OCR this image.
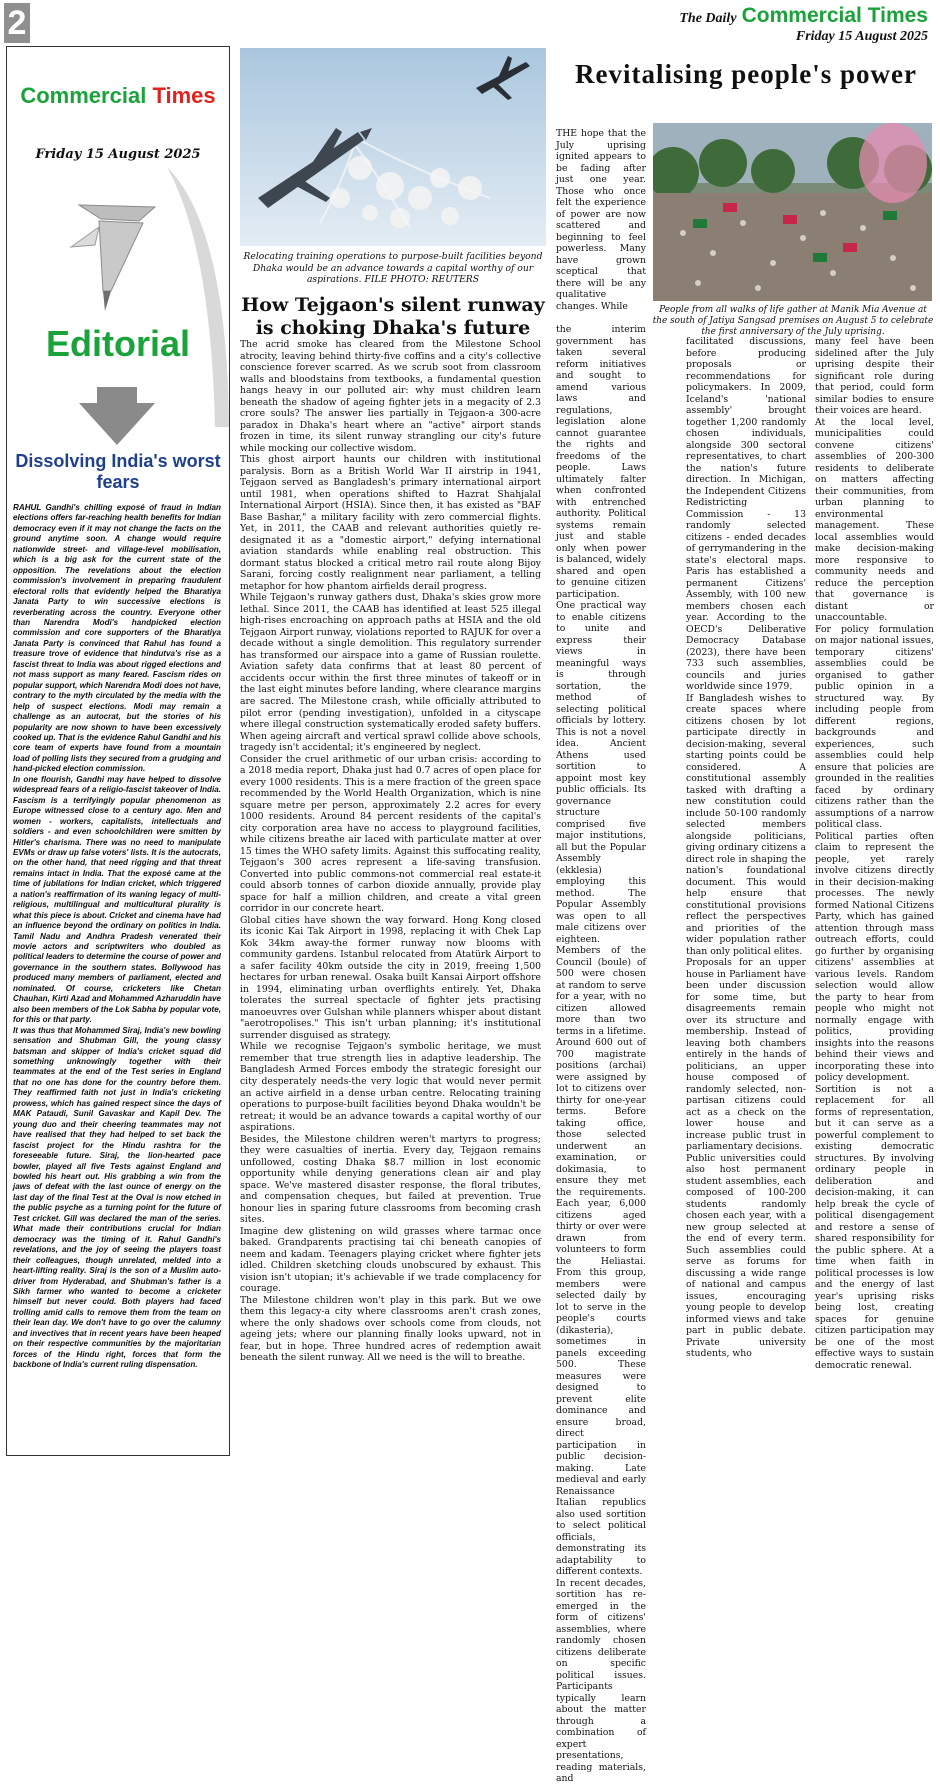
2	The Daily Commercial Times
Friday 15 August 2025
Commercial Times
Friday 15 August 2025
Editorial
Dissolving India's worst fears

RAHUL Gandhi's chilling exposé of fraud in Indian elections offers far-reaching health benefits for Indian democracy even if it may not change the facts on the ground anytime soon. A change would require nationwide street- and village-level mobilisation, which is a big ask for the current state of the opposition. The revelations about the election commission's involvement in preparing fraudulent electoral rolls that evidently helped the Bharatiya Janata Party to win successive elections is reverberating across the country. Everyone other than Narendra Modi's handpicked election commission and core supporters of the Bharatiya Janata Party is convinced that Rahul has found a treasure trove of evidence that hindutva's rise as a fascist threat to India was about rigged elections and not mass support as many feared. Fascism rides on popular support, which Narendra Modi does not have, contrary to the myth circulated by the media with the help of suspect elections. Modi may remain a challenge as an autocrat, but the stories of his popularity are now shown to have been excessively cooked up. That is the evidence Rahul Gandhi and his core team of experts have found from a mountain load of polling lists they secured from a grudging and hand-picked election commission.

In one flourish, Gandhi may have helped to dissolve widespread fears of a religio-fascist takeover of India. Fascism is a terrifyingly popular phenomenon as Europe witnessed close to a century ago. Men and women - workers, capitalists, intellectuals and soldiers - and even schoolchildren were smitten by Hitler's charisma. There was no need to manipulate EVMs or draw up false voters' lists. It is the autocrats, on the other hand, that need rigging and that threat remains intact in India. That the exposé came at the time of jubilations for Indian cricket, which triggered a nation's reaffirmation of its waning legacy of multi-religious, multilingual and multicultural plurality is what this piece is about. Cricket and cinema have had an influence beyond the ordinary on politics in India. Tamil Nadu and Andhra Pradesh venerated their movie actors and scriptwriters who doubled as political leaders to determine the course of power and governance in the southern states. Bollywood has produced many members of parliament, elected and nominated. Of course, cricketers like Chetan Chauhan, Kirti Azad and Mohammed Azharuddin have also been members of the Lok Sabha by popular vote, for this or that party.

It was thus that Mohammed Siraj, India's new bowling sensation and Shubman Gill, the young classy batsman and skipper of India's cricket squad did something unknowingly together with their teammates at the end of the Test series in England that no one has done for the country before them. They reaffirmed faith not just in India's cricketing prowess, which has gained respect since the days of MAK Pataudi, Sunil Gavaskar and Kapil Dev. The young duo and their cheering teammates may not have realised that they had helped to set back the fascist project for the Hindu rashtra for the foreseeable future. Siraj, the lion-hearted pace bowler, played all five Tests against England and bowled his heart out. His grabbing a win from the jaws of defeat with the last ounce of energy on the last day of the final Test at the Oval is now etched in the public psyche as a turning point for the future of Test cricket. Gill was declared the man of the series. What made their contributions crucial for Indian democracy was the timing of it. Rahul Gandhi's revelations, and the joy of seeing the players toast their colleagues, though unrelated, melded into a heart-lifting reality. Siraj is the son of a Muslim auto-driver from Hyderabad, and Shubman's father is a Sikh farmer who wanted to become a cricketer himself but never could. Both players had faced trolling amid calls to remove them from the team on their lean day. We don't have to go over the calumny and invectives that in recent years have been heaped on their respective communities by the majoritarian forces of the Hindu right, forces that form the backbone of India's current ruling dispensation.

Relocating training operations to purpose-built facilities beyond Dhaka would be an advance towards a capital worthy of our aspirations. FILE PHOTO: REUTERS
How Tejgaon's silent runway is choking Dhaka's future

The acrid smoke has cleared from the Milestone School atrocity, leaving behind thirty-five coffins and a city's collective conscience forever scarred. As we scrub soot from classroom walls and bloodstains from textbooks, a fundamental question hangs heavy in our polluted air: why must children learn beneath the shadow of ageing fighter jets in a megacity of 2.3 crore souls? The answer lies partially in Tejgaon-a 300-acre paradox in Dhaka's heart where an "active" airport stands frozen in time, its silent runway strangling our city's future while mocking our collective wisdom.

This ghost airport haunts our children with institutional paralysis. Born as a British World War II airstrip in 1941, Tejgaon served as Bangladesh's primary international airport until 1981, when operations shifted to Hazrat Shahjalal International Airport (HSIA). Since then, it has existed as "BAF Base Bashar," a military facility with zero commercial flights. Yet, in 2011, the CAAB and relevant authorities quietly re-designated it as a "domestic airport," defying international aviation standards while enabling real obstruction. This dormant status blocked a critical metro rail route along Bijoy Sarani, forcing costly realignment near parliament, a telling metaphor for how phantom airfields derail progress.

While Tejgaon's runway gathers dust, Dhaka's skies grow more lethal. Since 2011, the CAAB has identified at least 525 illegal high-rises encroaching on approach paths at HSIA and the old Tejgaon Airport runway, violations reported to RAJUK for over a decade without a single demolition. This regulatory surrender has transformed our airspace into a game of Russian roulette. Aviation safety data confirms that at least 80 percent of accidents occur within the first three minutes of takeoff or in the last eight minutes before landing, where clearance margins are sacred. The Milestone crash, while officially attributed to pilot error (pending investigation), unfolded in a cityscape where illegal construction systematically eroded safety buffers. When ageing aircraft and vertical sprawl collide above schools, tragedy isn't accidental; it's engineered by neglect.

Consider the cruel arithmetic of our urban crisis: according to a 2018 media report, Dhaka just had 0.7 acres of open place for every 1000 residents. This is a mere fraction of the green space recommended by the World Health Organization, which is nine square metre per person, approximately 2.2 acres for every 1000 residents. Around 84 percent residents of the capital's city corporation area have no access to playground facilities, while citizens breathe air laced with particulate matter at over 15 times the WHO safety limits. Against this suffocating reality, Tejgaon's 300 acres represent a life-saving transfusion. Converted into public commons-not commercial real estate-it could absorb tonnes of carbon dioxide annually, provide play space for half a million children, and create a vital green corridor in our concrete heart.

Global cities have shown the way forward. Hong Kong closed its iconic Kai Tak Airport in 1998, replacing it with Chek Lap Kok 34km away-the former runway now blooms with community gardens. Istanbul relocated from Atatürk Airport to a safer facility 40km outside the city in 2019, freeing 1,500 hectares for urban renewal. Osaka built Kansai Airport offshore in 1994, eliminating urban overflights entirely. Yet, Dhaka tolerates the surreal spectacle of fighter jets practising manoeuvres over Gulshan while planners whisper about distant "aerotropolises." This isn't urban planning; it's institutional surrender disguised as strategy.

While we recognise Tejgaon's symbolic heritage, we must remember that true strength lies in adaptive leadership. The Bangladesh Armed Forces embody the strategic foresight our city desperately needs-the very logic that would never permit an active airfield in a dense urban centre. Relocating training operations to purpose-built facilities beyond Dhaka wouldn't be retreat; it would be an advance towards a capital worthy of our aspirations.

Besides, the Milestone children weren't martyrs to progress; they were casualties of inertia. Every day, Tejgaon remains unfollowed, costing Dhaka $8.7 million in lost economic opportunity while denying generations clean air and play space. We've mastered disaster response, the floral tributes, and compensation cheques, but failed at prevention. True honour lies in sparing future classrooms from becoming crash sites.

Imagine dew glistening on wild grasses where tarmac once baked. Grandparents practising tai chi beneath canopies of neem and kadam. Teenagers playing cricket where fighter jets idled. Children sketching clouds unobscured by exhaust. This vision isn't utopian; it's achievable if we trade complacency for courage.

The Milestone children won't play in this park. But we owe them this legacy-a city where classrooms aren't crash zones, where the only shadows over schools come from clouds, not ageing jets; where our planning finally looks upward, not in fear, but in hope. Three hundred acres of redemption await beneath the silent runway. All we need is the will to breathe.

Revitalising people's power
People from all walks of life gather at Manik Mia Avenue at the south of Jatiya Sangsad premises on August 5 to celebrate the first anniversary of the July uprising.
THE hope that the July uprising ignited appears to be fading after just one year. Those who once felt the experience of power are now scattered and beginning to feel powerless. Many have grown sceptical that there will be any qualitative changes. While

the interim government has taken several reform initiatives and sought to amend various laws and regulations, legislation alone cannot guarantee the rights and freedoms of the people. Laws ultimately falter when confronted with entrenched authority. Political systems remain just and stable only when power is balanced, widely shared and open to genuine citizen participation.

One practical way to enable citizens to unite and express their views in meaningful ways is through sortation, the method of selecting political officials by lottery. This is not a novel idea. Ancient Athens used sortition to appoint most key public officials. Its governance structure comprised five major institutions, all but the Popular Assembly (ekklesia) employing this method. The Popular Assembly was open to all male citizens over eighteen. Members of the Council (boule) of 500 were chosen at random to serve for a year, with no citizen allowed more than two terms in a lifetime. Around 600 out of 700 magistrate positions (archai) were assigned by lot to citizens over thirty for one-year terms. Before taking office, those selected underwent an examination, or dokimasia, to ensure they met the requirements. Each year, 6,000 citizens aged thirty or over were drawn from volunteers to form the Heliastai. From this group, members were selected daily by lot to serve in the people's courts (dikasteria), sometimes in panels exceeding 500. These measures were designed to prevent elite dominance and ensure broad, direct participation in public decision-making. Late medieval and early Renaissance Italian republics also used sortition to select political officials, demonstrating its adaptability to different contexts.

In recent decades, sortition has re-emerged in the form of citizens' assemblies, where randomly chosen citizens deliberate on specific political issues. Participants typically learn about the matter through a combination of expert presentations, reading materials, and

facilitated discussions, before producing proposals or recommendations for policymakers. In 2009, Iceland's 'national assembly' brought together 1,200 randomly chosen individuals, alongside 300 sectoral representatives, to chart the nation's future direction. In Michigan, the Independent Citizens Redistricting Commission - 13 randomly selected citizens - ended decades of gerrymandering in the state's electoral maps. Paris has established a permanent Citizens' Assembly, with 100 new members chosen each year. According to the OECD's Deliberative Democracy Database (2023), there have been 733 such assemblies, councils and juries worldwide since 1979.

If Bangladesh wishes to create spaces where citizens chosen by lot participate directly in decision-making, several starting points could be considered. A constitutional assembly tasked with drafting a new constitution could include 50-100 randomly selected members alongside politicians, giving ordinary citizens a direct role in shaping the nation's foundational document. This would help ensure that constitutional provisions reflect the perspectives and priorities of the wider population rather than only political elites.

Proposals for an upper house in Parliament have been under discussion for some time, but disagreements remain over its structure and membership. Instead of leaving both chambers entirely in the hands of politicians, an upper house composed of randomly selected, non-partisan citizens could act as a check on the lower house and increase public trust in parliamentary decisions.

Public universities could also host permanent student assemblies, each composed of 100-200 students randomly chosen each year, with a new group selected at the end of every term. Such assemblies could serve as forums for discussing a wide range of national and campus issues, encouraging young people to develop informed views and take part in public debate. Private university students, who

many feel have been sidelined after the July uprising despite their significant role during that period, could form similar bodies to ensure their voices are heard.

At the local level, municipalities could convene citizens' assemblies of 200-300 residents to deliberate on matters affecting their communities, from urban planning to environmental management. These local assemblies would make decision-making more responsive to community needs and reduce the perception that governance is distant or unaccountable.

For policy formulation on major national issues, temporary citizens' assemblies could be organised to gather public opinion in a structured way. By including people from different regions, backgrounds and experiences, such assemblies could help ensure that policies are grounded in the realities faced by ordinary citizens rather than the assumptions of a narrow political class.

Political parties often claim to represent the people, yet rarely involve citizens directly in their decision-making processes. The newly formed National Citizens Party, which has gained attention through mass outreach efforts, could go further by organising citizens' assemblies at various levels. Random selection would allow the party to hear from people who might not normally engage with politics, providing insights into the reasons behind their views and incorporating these into policy development.

Sortition is not a replacement for all forms of representation, but it can serve as a powerful complement to existing democratic structures. By involving ordinary people in deliberation and decision-making, it can help break the cycle of political disengagement and restore a sense of shared responsibility for the public sphere. At a time when faith in political processes is low and the energy of last year's uprising risks being lost, creating spaces for genuine citizen participation may be one of the most effective ways to sustain democratic renewal.
